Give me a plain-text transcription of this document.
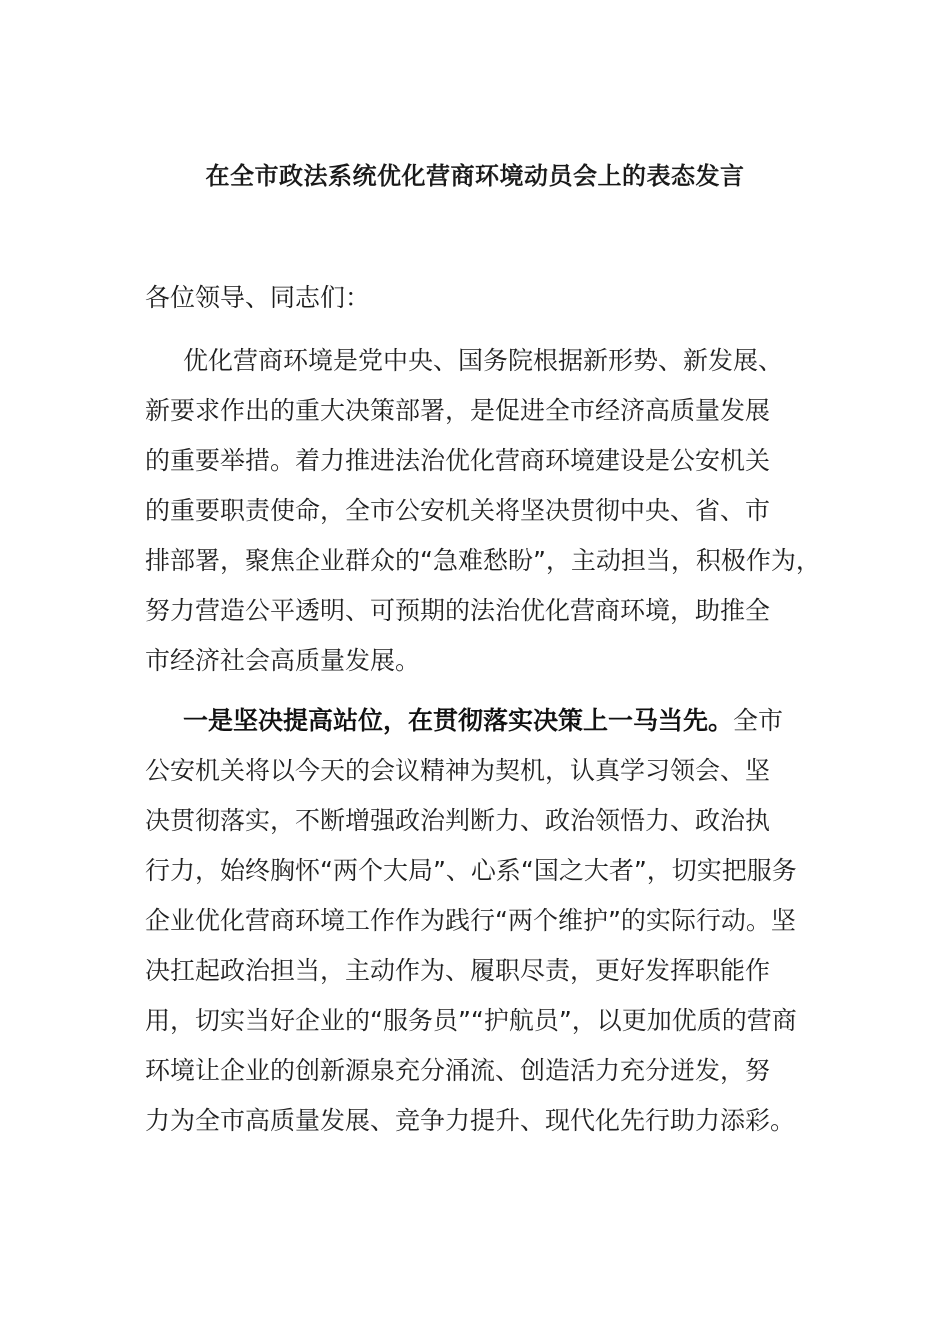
在全市政法系统优化营商环境动员会上的表态发言
各位领导、同志们：
优化营商环境是党中央、国务院根据新形势、新发展、
新要求作出的重大决策部署，是促进全市经济高质量发展
的重要举措。着力推进法治优化营商环境建设是公安机关
的重要职责使命，全市公安机关将坚决贯彻中央、省、市
排部署，聚焦企业群众的“急难愁盼”，主动担当，积极作为，
努力营造公平透明、可预期的法治优化营商环境，助推全
市经济社会高质量发展。
一是坚决提高站位，在贯彻落实决策上一马当先。全市
公安机关将以今天的会议精神为契机，认真学习领会、坚
决贯彻落实，不断增强政治判断力、政治领悟力、政治执
行力，始终胸怀“两个大局”、心系“国之大者”，切实把服务
企业优化营商环境工作作为践行“两个维护”的实际行动。坚
决扛起政治担当，主动作为、履职尽责，更好发挥职能作
用，切实当好企业的“服务员”“护航员”，以更加优质的营商
环境让企业的创新源泉充分涌流、创造活力充分迸发，努
力为全市高质量发展、竞争力提升、现代化先行助力添彩。
